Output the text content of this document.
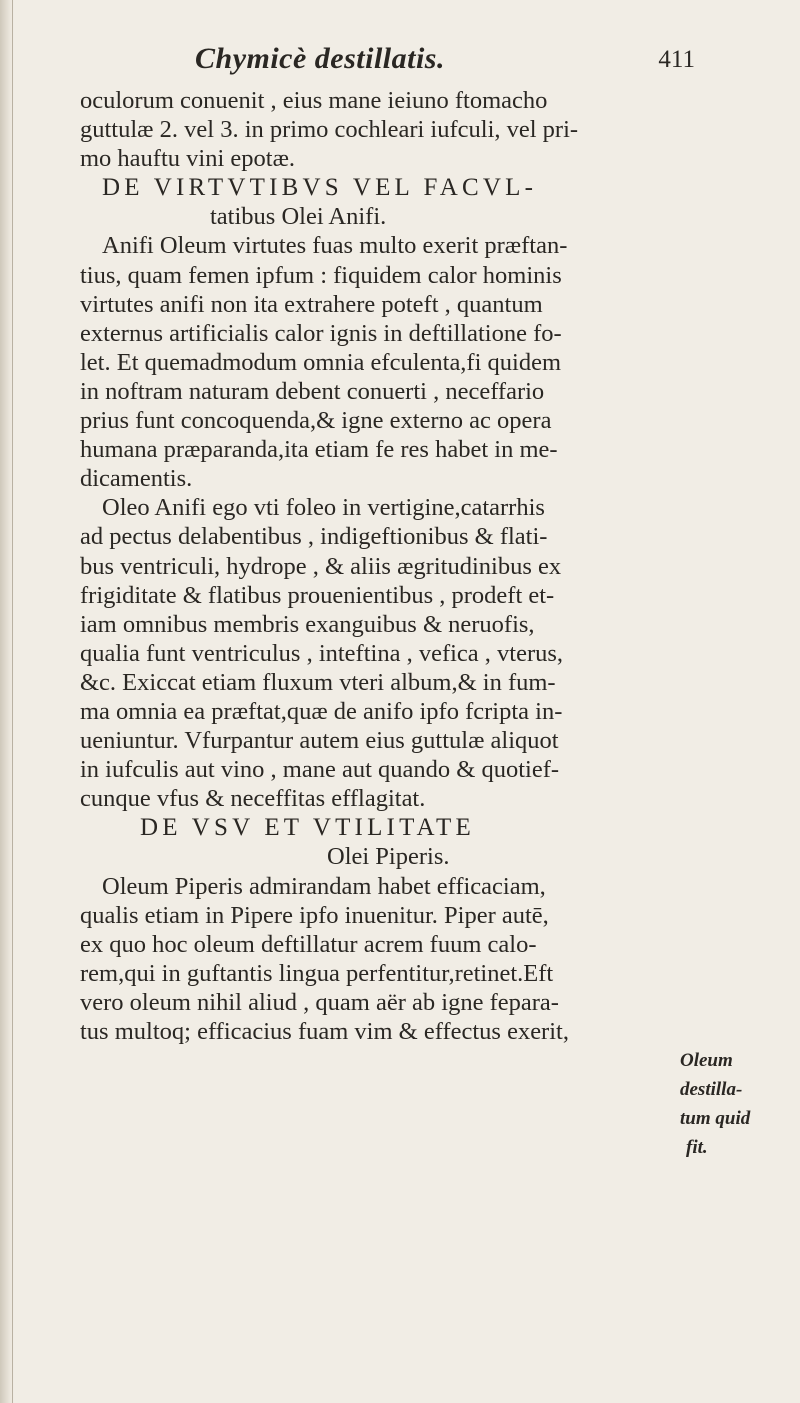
Chymicè destillatis.	411
oculorum conuenit , eius mane ieiuno ftomacho
guttulæ 2. vel 3. in primo cochleari iufculi, vel pri-
mo hauftu vini epotæ.
DE VIRTVTIBVS VEL FACVL-
tatibus Olei Anifi.
Anifi Oleum virtutes fuas multo exerit præftan-
tius, quam femen ipfum : fiquidem calor hominis
virtutes anifi non ita extrahere poteft , quantum
externus artificialis calor ignis in deftillatione fo-
let. Et quemadmodum omnia efculenta,fi quidem
in noftram naturam debent conuerti , neceffario
prius funt concoquenda,& igne externo ac opera
humana præparanda,ita etiam fe res habet in me-
dicamentis.
Oleo Anifi ego vti foleo in vertigine,catarrhis
ad pectus delabentibus , indigeftionibus & flati-
bus ventriculi, hydrope , & aliis ægritudinibus ex
frigiditate & flatibus prouenientibus , prodeft et-
iam omnibus membris exanguibus & neruofis,
qualia funt ventriculus , inteftina , vefica , vterus,
&c. Exiccat etiam fluxum vteri album,& in fum-
ma omnia ea præftat,quæ de anifo ipfo fcripta in-
ueniuntur. Vfurpantur autem eius guttulæ aliquot
in iufculis aut vino , mane aut quando & quotief-
cunque vfus & neceffitas efflagitat.
DE VSV ET VTILITATE
Olei Piperis.
Oleum Piperis admirandam habet efficaciam,
qualis etiam in Pipere ipfo inuenitur. Piper autē,
ex quo hoc oleum deftillatur acrem fuum calo-
rem,qui in guftantis lingua perfentitur,retinet.Eft
vero oleum nihil aliud , quam aër ab igne fepara-
tus multoq; efficacius fuam vim & effectus exerit,
Oleum
destilla-
tum quid
fit.
